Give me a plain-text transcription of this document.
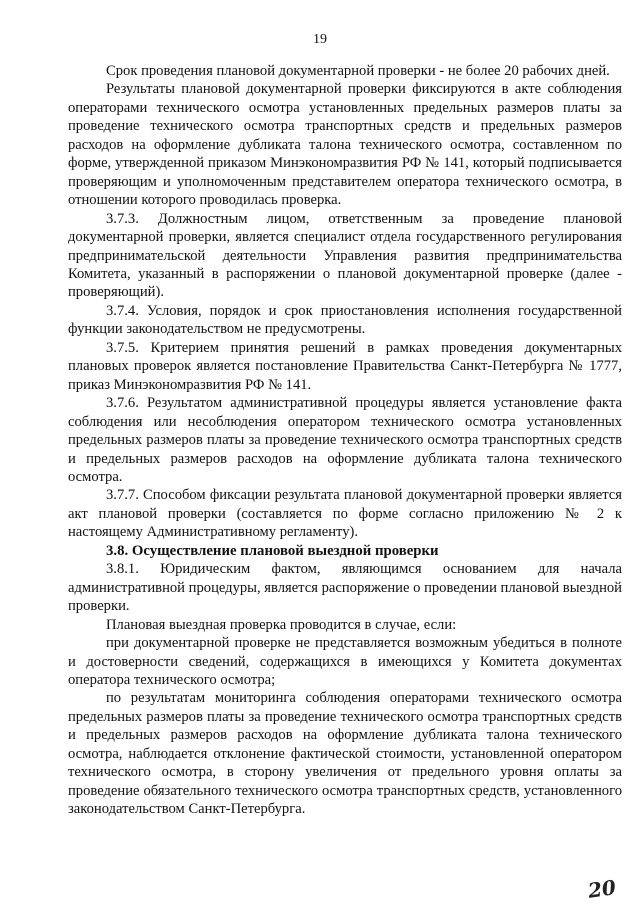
19

Срок проведения плановой документарной проверки - не более 20 рабочих дней.

Результаты плановой документарной проверки фиксируются в акте соблюдения операторами технического осмотра установленных предельных размеров платы за проведение технического осмотра транспортных средств и предельных размеров расходов на оформление дубликата талона технического осмотра, составленном по форме, утвержденной приказом Минэкономразвития РФ № 141, который подписывается проверяющим и уполномоченным представителем оператора технического осмотра, в отношении которого проводилась проверка.

3.7.3. Должностным лицом, ответственным за проведение плановой документарной проверки, является специалист отдела государственного регулирования предпринимательской деятельности Управления развития предпринимательства Комитета, указанный в распоряжении о плановой документарной проверке (далее - проверяющий).

3.7.4. Условия, порядок и срок приостановления исполнения государственной функции законодательством не предусмотрены.

3.7.5. Критерием принятия решений в рамках проведения документарных плановых проверок является постановление Правительства Санкт-Петербурга № 1777, приказ Минэкономразвития РФ № 141.

3.7.6. Результатом административной процедуры является установление факта соблюдения или несоблюдения оператором технического осмотра установленных предельных размеров платы за проведение технического осмотра транспортных средств и предельных размеров расходов на оформление дубликата талона технического осмотра.

3.7.7. Способом фиксации результата плановой документарной проверки является акт плановой проверки (составляется по форме согласно приложению № 2 к настоящему Административному регламенту).

3.8. Осуществление плановой выездной проверки

3.8.1. Юридическим фактом, являющимся основанием для начала административной процедуры, является распоряжение о проведении плановой выездной проверки.

Плановая выездная проверка проводится в случае, если:

при документарной проверке не представляется возможным убедиться в полноте и достоверности сведений, содержащихся в имеющихся у Комитета документах оператора технического осмотра;

по результатам мониторинга соблюдения операторами технического осмотра предельных размеров платы за проведение технического осмотра транспортных средств и предельных размеров расходов на оформление дубликата талона технического осмотра, наблюдается отклонение фактической стоимости, установленной оператором технического осмотра, в сторону увеличения от предельного уровня оплаты за проведение обязательного технического осмотра транспортных средств, установленного законодательством Санкт-Петербурга.

20
